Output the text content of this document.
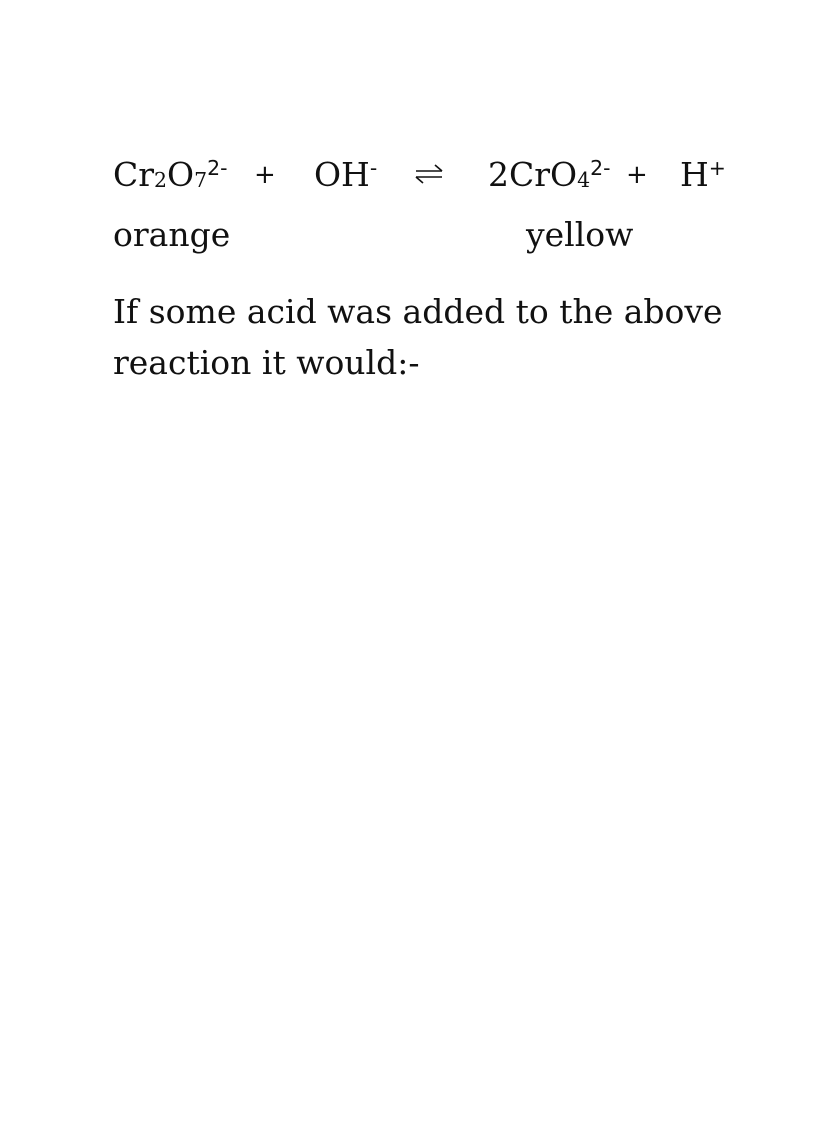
$Cr_2O_7^{2-} + OH^-$ ⇌ 2CrO$_4^{2-}$ + H+
orange	yellow
If some acid was added to the above reaction it would:-
